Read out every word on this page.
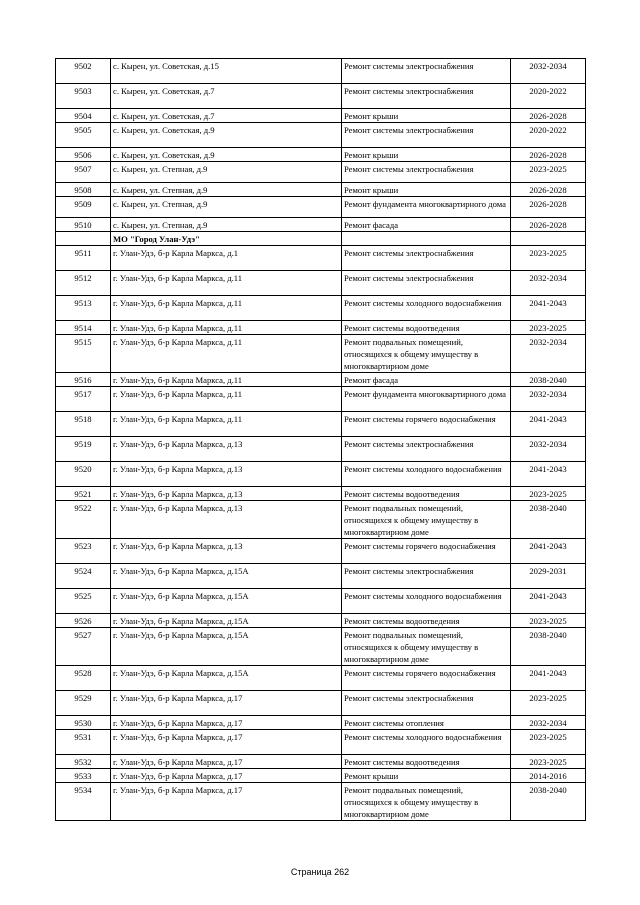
9502	с. Кырен, ул. Советская, д.15	Ремонт системы электроснабжения	2032-2034
9503	с. Кырен, ул. Советская, д.7	Ремонт системы электроснабжения	2020-2022
9504	с. Кырен, ул. Советская, д.7	Ремонт крыши	2026-2028
9505	с. Кырен, ул. Советская, д.9	Ремонт системы электроснабжения	2020-2022
9506	с. Кырен, ул. Советская, д.9	Ремонт крыши	2026-2028
9507	с. Кырен, ул. Степная, д.9	Ремонт системы электроснабжения	2023-2025
9508	с. Кырен, ул. Степная, д.9	Ремонт крыши	2026-2028
9509	с. Кырен, ул. Степная, д.9	Ремонт фундамента многоквартирного дома	2026-2028
9510	с. Кырен, ул. Степная, д.9	Ремонт фасада	2026-2028
	МО "Город Улан-Удэ"		
9511	г. Улан-Удэ, б-р Карла Маркса, д.1	Ремонт системы электроснабжения	2023-2025
9512	г. Улан-Удэ, б-р Карла Маркса, д.11	Ремонт системы электроснабжения	2032-2034
9513	г. Улан-Удэ, б-р Карла Маркса, д.11	Ремонт системы холодного водоснабжения	2041-2043
9514	г. Улан-Удэ, б-р Карла Маркса, д.11	Ремонт системы водоотведения	2023-2025
9515	г. Улан-Удэ, б-р Карла Маркса, д.11	Ремонт подвальных помещений, относящихся к общему имуществу в многоквартирном доме	2032-2034
9516	г. Улан-Удэ, б-р Карла Маркса, д.11	Ремонт фасада	2038-2040
9517	г. Улан-Удэ, б-р Карла Маркса, д.11	Ремонт фундамента многоквартирного дома	2032-2034
9518	г. Улан-Удэ, б-р Карла Маркса, д.11	Ремонт системы горячего водоснабжения	2041-2043
9519	г. Улан-Удэ, б-р Карла Маркса, д.13	Ремонт системы электроснабжения	2032-2034
9520	г. Улан-Удэ, б-р Карла Маркса, д.13	Ремонт системы холодного водоснабжения	2041-2043
9521	г. Улан-Удэ, б-р Карла Маркса, д.13	Ремонт системы водоотведения	2023-2025
9522	г. Улан-Удэ, б-р Карла Маркса, д.13	Ремонт подвальных помещений, относящихся к общему имуществу в многоквартирном доме	2038-2040
9523	г. Улан-Удэ, б-р Карла Маркса, д.13	Ремонт системы горячего водоснабжения	2041-2043
9524	г. Улан-Удэ, б-р Карла Маркса, д.15А	Ремонт системы электроснабжения	2029-2031
9525	г. Улан-Удэ, б-р Карла Маркса, д.15А	Ремонт системы холодного водоснабжения	2041-2043
9526	г. Улан-Удэ, б-р Карла Маркса, д.15А	Ремонт системы водоотведения	2023-2025
9527	г. Улан-Удэ, б-р Карла Маркса, д.15А	Ремонт подвальных помещений, относящихся к общему имуществу в многоквартирном доме	2038-2040
9528	г. Улан-Удэ, б-р Карла Маркса, д.15А	Ремонт системы горячего водоснабжения	2041-2043
9529	г. Улан-Удэ, б-р Карла Маркса, д.17	Ремонт системы электроснабжения	2023-2025
9530	г. Улан-Удэ, б-р Карла Маркса, д.17	Ремонт системы отопления	2032-2034
9531	г. Улан-Удэ, б-р Карла Маркса, д.17	Ремонт системы холодного водоснабжения	2023-2025
9532	г. Улан-Удэ, б-р Карла Маркса, д.17	Ремонт системы водоотведения	2023-2025
9533	г. Улан-Удэ, б-р Карла Маркса, д.17	Ремонт крыши	2014-2016
9534	г. Улан-Удэ, б-р Карла Маркса, д.17	Ремонт подвальных помещений, относящихся к общему имуществу в многоквартирном доме	2038-2040
Страница 262
